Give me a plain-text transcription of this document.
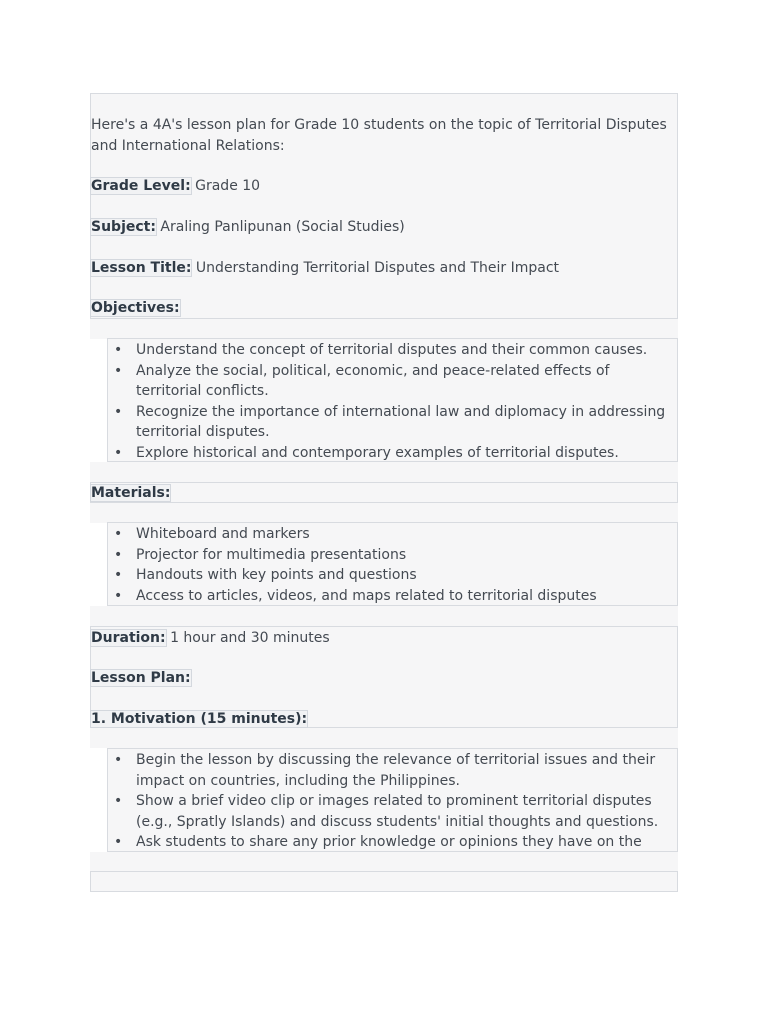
Here's a 4A's lesson plan for Grade 10 students on the topic of Territorial Disputes and International Relations:

Grade Level: Grade 10

Subject: Araling Panlipunan (Social Studies)

Lesson Title: Understanding Territorial Disputes and Their Impact

Objectives:

• Understand the concept of territorial disputes and their common causes.
• Analyze the social, political, economic, and peace-related effects of territorial conflicts.
• Recognize the importance of international law and diplomacy in addressing territorial disputes.
• Explore historical and contemporary examples of territorial disputes.

Materials:

• Whiteboard and markers
• Projector for multimedia presentations
• Handouts with key points and questions
• Access to articles, videos, and maps related to territorial disputes

Duration: 1 hour and 30 minutes

Lesson Plan:

1. Motivation (15 minutes):

• Begin the lesson by discussing the relevance of territorial issues and their impact on countries, including the Philippines.
• Show a brief video clip or images related to prominent territorial disputes (e.g., Spratly Islands) and discuss students' initial thoughts and questions.
• Ask students to share any prior knowledge or opinions they have on the
